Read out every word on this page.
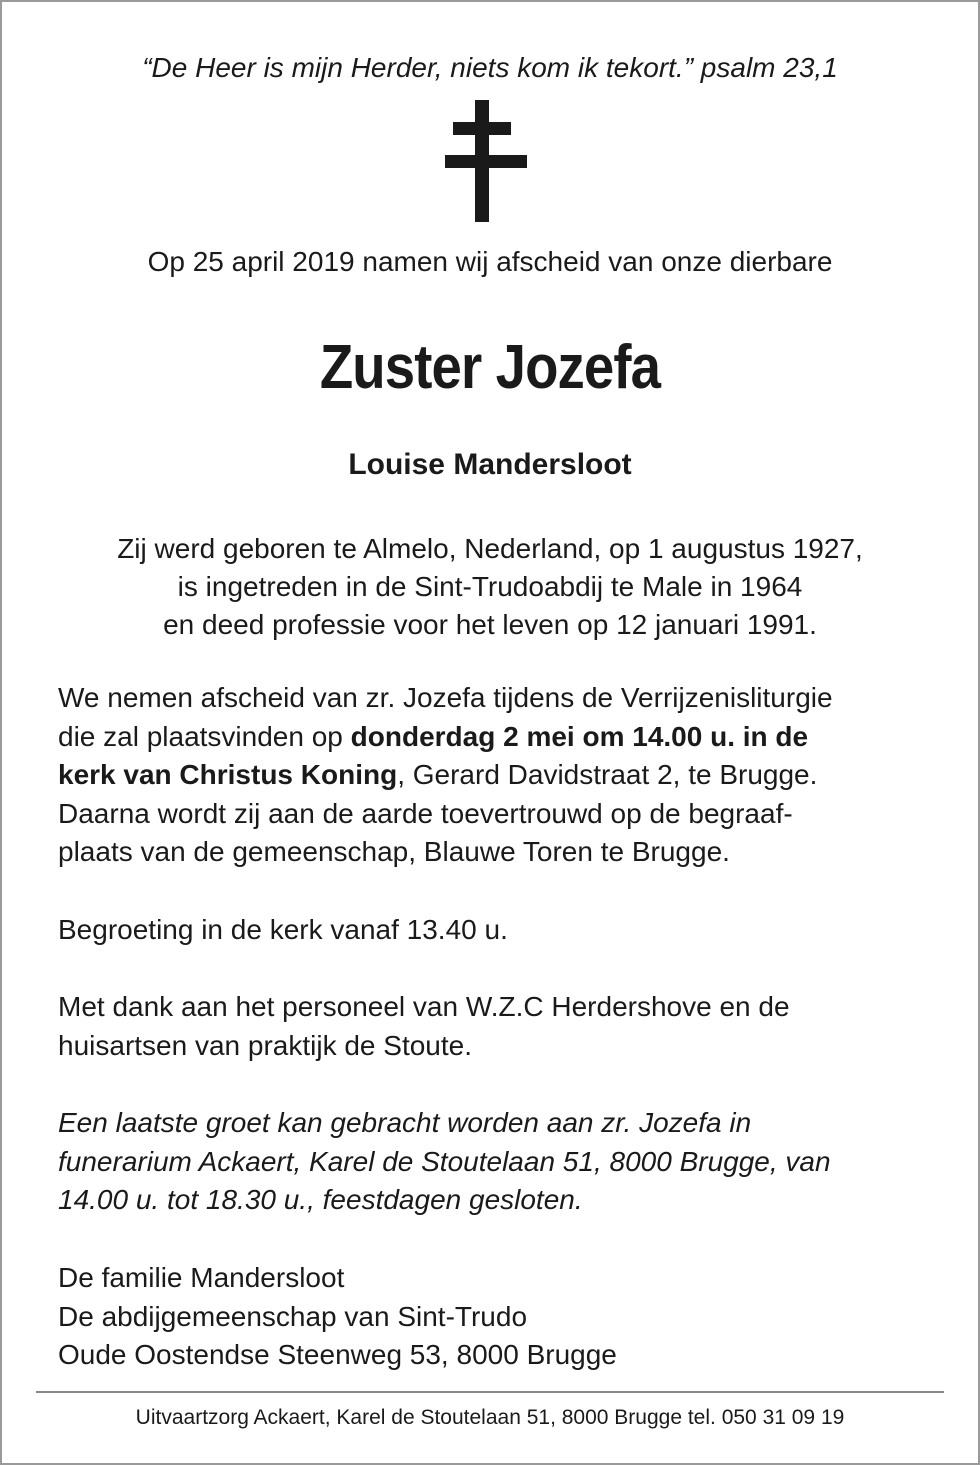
“De Heer is mijn Herder, niets kom ik tekort.” psalm 23,1
Op 25 april 2019 namen wij afscheid van onze dierbare
Zuster Jozefa
Louise Mandersloot
Zij werd geboren te Almelo, Nederland, op 1 augustus 1927,
is ingetreden in de Sint-Trudoabdij te Male in 1964
en deed professie voor het leven op 12 januari 1991.
We nemen afscheid van zr. Jozefa tijdens de Verrijzenisliturgie
die zal plaatsvinden op donderdag 2 mei om 14.00 u. in de
kerk van Christus Koning, Gerard Davidstraat 2, te Brugge.
Daarna wordt zij aan de aarde toevertrouwd op de begraaf-
plaats van de gemeenschap, Blauwe Toren te Brugge.
Begroeting in de kerk vanaf 13.40 u.
Met dank aan het personeel van W.Z.C Herdershove en de
huisartsen van praktijk de Stoute.
Een laatste groet kan gebracht worden aan zr. Jozefa in
funerarium Ackaert, Karel de Stoutelaan 51, 8000 Brugge, van
14.00 u. tot 18.30 u., feestdagen gesloten.
De familie Mandersloot
De abdijgemeenschap van Sint-Trudo
Oude Oostendse Steenweg 53, 8000 Brugge
Uitvaartzorg Ackaert, Karel de Stoutelaan 51, 8000 Brugge tel. 050 31 09 19
